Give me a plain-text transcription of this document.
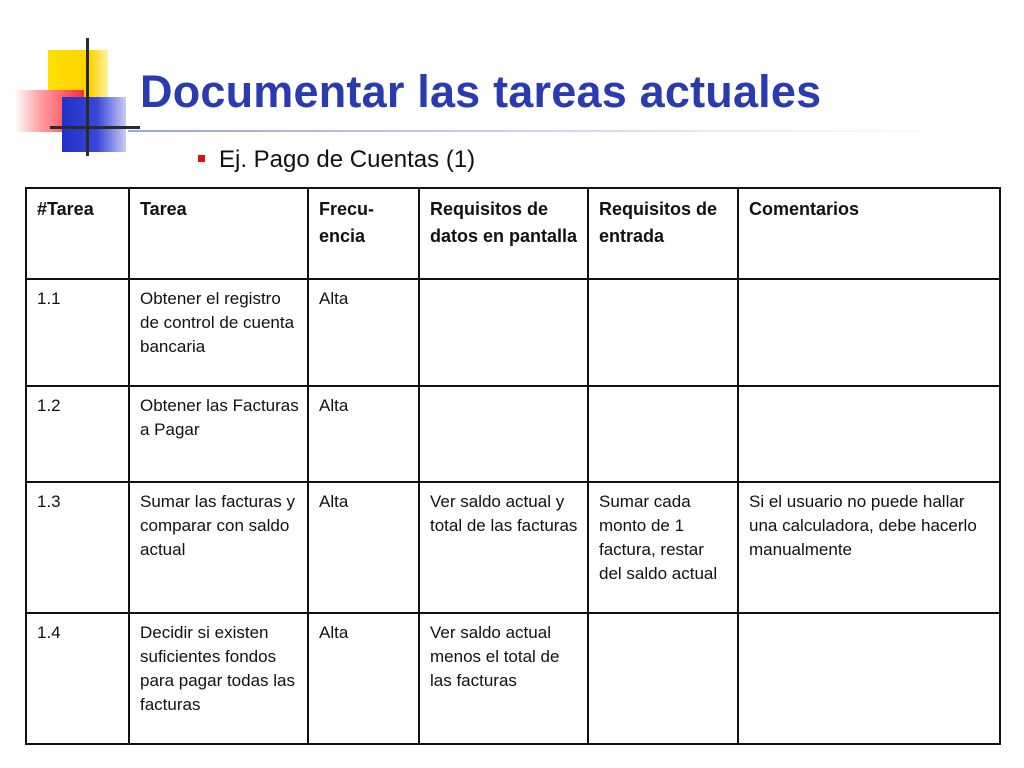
Documentar las tareas actuales
Ej. Pago de Cuentas (1)
#Tarea	Tarea	Frecu-encia	Requisitos de datos en pantalla	Requisitos de entrada	Comentarios
1.1	Obtener el registro de control de cuenta bancaria	Alta			
1.2	Obtener las Facturas a Pagar	Alta			
1.3	Sumar las facturas y comparar con saldo actual	Alta	Ver saldo actual y total de las facturas	Sumar cada monto de 1 factura, restar del saldo actual	Si el usuario no puede hallar una calculadora, debe hacerlo manualmente
1.4	Decidir si existen suficientes fondos para pagar todas las facturas	Alta	Ver saldo actual menos el total de las facturas		
